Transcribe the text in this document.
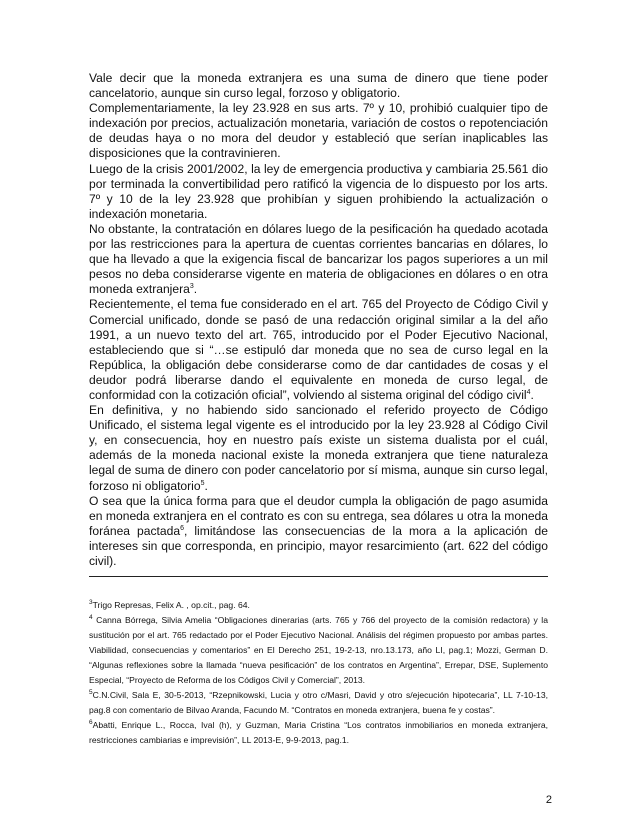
Vale decir que la moneda extranjera es una suma de dinero que tiene poder cancelatorio, aunque sin curso legal, forzoso y obligatorio.

Complementariamente, la ley 23.928 en sus arts. 7º y 10, prohibió cualquier tipo de indexación por precios, actualización monetaria, variación de costos o repotenciación de deudas haya o no mora del deudor y estableció que serían inaplicables las disposiciones que la contravinieren.

Luego de la crisis 2001/2002, la ley de emergencia productiva y cambiaria 25.561 dio por terminada la convertibilidad pero ratificó la vigencia de lo dispuesto por los arts. 7º y 10 de la ley 23.928 que prohibían y siguen prohibiendo la actualización o indexación monetaria.

No obstante, la contratación en dólares luego de la pesificación ha quedado acotada por las restricciones para la apertura de cuentas corrientes bancarias en dólares, lo que ha llevado a que la exigencia fiscal de bancarizar los pagos superiores a un mil pesos no deba considerarse vigente en materia de obligaciones en dólares o en otra moneda extranjera$^3$.

Recientemente, el tema fue considerado en el art. 765 del Proyecto de Código Civil y Comercial unificado, donde se pasó de una redacción original similar a la del año 1991, a un nuevo texto del art. 765, introducido por el Poder Ejecutivo Nacional, estableciendo que si “…se estipuló dar moneda que no sea de curso legal en la República, la obligación debe considerarse como de dar cantidades de cosas y el deudor podrá liberarse dando el equivalente en moneda de curso legal, de conformidad con la cotización oficial”, volviendo al sistema original del código civil$^4$.

En definitiva, y no habiendo sido sancionado el referido proyecto de Código Unificado, el sistema legal vigente es el introducido por la ley 23.928 al Código Civil y, en consecuencia, hoy en nuestro país existe un sistema dualista por el cuál, además de la moneda nacional existe la moneda extranjera que tiene naturaleza legal de suma de dinero con poder cancelatorio por sí misma, aunque sin curso legal, forzoso ni obligatorio$^5$.

O sea que la única forma para que el deudor cumpla la obligación de pago asumida en moneda extranjera en el contrato es con su entrega, sea dólares u otra la moneda foránea pactada$^6$, limitándose las consecuencias de la mora a la aplicación de intereses sin que corresponda, en principio, mayor resarcimiento (art. 622 del código civil).

$^3$Trigo Represas, Felix A. , op.cit., pag. 64.

$^4$ Canna Bórrega, Silvia Amelia “Obligaciones dinerarias (arts. 765 y 766 del proyecto de la comisión redactora) y la sustitución por el art. 765 redactado por el Poder Ejecutivo Nacional. Análisis del régimen propuesto por ambas partes. Viabilidad, consecuencias y comentarios” en El Derecho 251, 19-2-13, nro.13.173, año LI, pag.1; Mozzi, German D. “Algunas reflexiones sobre la llamada “nueva pesificación” de los contratos en Argentina”, Errepar, DSE, Suplemento Especial, “Proyecto de Reforma de los Códigos Civil y Comercial”, 2013.

$^5$C.N.Civil, Sala E, 30-5-2013, “Rzepnikowski, Lucia y otro c/Masri, David y otro s/ejecución hipotecaria”, LL 7-10-13, pag.8 con comentario de Bilvao Aranda, Facundo M. “Contratos en moneda extranjera, buena fe y costas”.

$^6$Abatti, Enrique L., Rocca, Ival (h), y Guzman, Maria Cristina “Los contratos inmobiliarios en moneda extranjera, restricciones cambiarias e imprevisión”, LL 2013-E, 9-9-2013, pag.1.

2
